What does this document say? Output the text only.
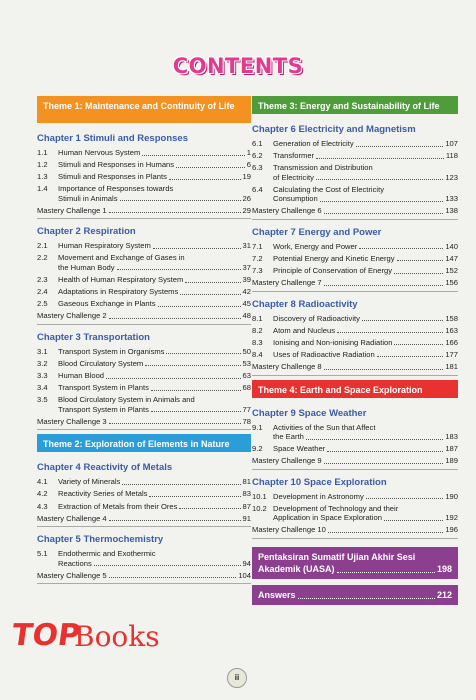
CONTENTS
Theme 1: Maintenance and Continuity of Life
Chapter 1 Stimuli and Responses
1.1	Human Nervous System	1
1.2	Stimuli and Responses in Humans	6
1.3	Stimuli and Responses in Plants	19
1.4	Importance of Responses towards
Stimuli in Animals	26
Mastery Challenge 1	29
Chapter 2 Respiration
2.1	Human Respiratory System	31
2.2	Movement and Exchange of Gases in
the Human Body	37
2.3	Health of Human Respiratory System	39
2.4	Adaptations in Respiratory Systems	42
2.5	Gaseous Exchange in Plants	45
Mastery Challenge 2	48
Chapter 3 Transportation
3.1	Transport System in Organisms	50
3.2	Blood Circulatory System	53
3.3	Human Blood	63
3.4	Transport System in Plants	68
3.5	Blood Circulatory System in Animals and
Transport System in Plants	77
Mastery Challenge 3	78
Theme 2: Exploration of Elements in Nature
Chapter 4 Reactivity of Metals
4.1	Variety of Minerals	81
4.2	Reactivity Series of Metals	83
4.3	Extraction of Metals from their Ores	87
Mastery Challenge 4	91
Chapter 5 Thermochemistry
5.1	Endothermic and Exothermic
Reactions	94
Mastery Challenge 5	104
Theme 3: Energy and Sustainability of Life
Chapter 6 Electricity and Magnetism
6.1	Generation of Electricity	107
6.2	Transformer	118
6.3	Transmission and Distribution
of Electricity	123
6.4	Calculating the Cost of Electricity
Consumption	133
Mastery Challenge 6	138
Chapter 7 Energy and Power
7.1	Work, Energy and Power	140
7.2	Potential Energy and Kinetic Energy	147
7.3	Principle of Conservation of Energy	152
Mastery Challenge 7	156
Chapter 8 Radioactivity
8.1	Discovery of Radioactivity	158
8.2	Atom and Nucleus	163
8.3	Ionising and Non-ionising Radiation	166
8.4	Uses of Radioactive Radiation	177
Mastery Challenge 8	181
Theme 4: Earth and Space Exploration
Chapter 9 Space Weather
9.1	Activities of the Sun that Affect
the Earth	183
9.2	Space Weather	187
Mastery Challenge 9	189
Chapter 10 Space Exploration
10.1 Development in Astronomy	190
10.2 Development of Technology and their
Application in Space Exploration	192
Mastery Challenge 10	196
Pentaksiran Sumatif Ujian Akhir Sesi
Akademik (UASA)	198
Answers	212
TOP
Books
ii
